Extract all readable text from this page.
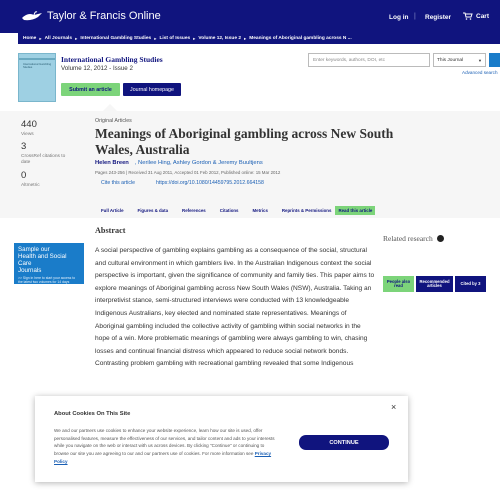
Taylor & Francis Online	Log in | Register	Cart
Home ▸ All Journals ▸ International Gambling Studies ▸ List of Issues ▸ Volume 12, Issue 2 ▸ Meanings of Aboriginal gambling across N ...
International Gambling Studies
International Gambling Studies
Volume 12, 2012 - Issue 2
Submit an article	Journal homepage
Enter keywords, authors, DOI, etc	This Journal	▼
Advanced search
440
Views
3
CrossRef citations to date
0
Altmetric
Original Articles
Meanings of Aboriginal gambling across New South Wales, Australia
Helen Breen , Nerilee Hing, Ashley Gordon & Jeremy Buultjens
Pages 243-256 | Received 31 Aug 2011, Accepted 01 Feb 2012, Published online: 15 Mar 2012
Cite this article	https://doi.org/10.1080/14459795.2012.664158
Full Article	Figures & data	References	Citations	Metrics	Reprints & Permissions	Read this article
Sample our
Health and Social Care
Journals
>> Sign in here to start your access to the latest two volumes for 14 days
Abstract
A social perspective of gambling explains gambling as a consequence of the social, structural and cultural environment in which gamblers live. In the Australian Indigenous context the social perspective is important, given the significance of community and family ties. This paper aims to explore meanings of Aboriginal gambling across New South Wales (NSW), Australia. Taking an interpretivist stance, semi-structured interviews were conducted with 13 knowledgeable Indigenous Australians, key elected and nominated state representatives. Meanings of Aboriginal gambling included the collective activity of gambling within social networks in the hope of a win. More problematic meanings of gambling were always gambling to win, chasing losses and continual financial distress which appeared to reduce social network bonds. Contrasting problem gambling with recreational gambling revealed that some Indigenous
Related research
People also read
Recommended articles	Cited by 3
About Cookies On This Site
×
We and our partners use cookies to enhance your website experience, learn how our site is used, offer personalised features, measure the effectiveness of our services, and tailor content and ads to your interests while you navigate on the web or interact with us across devices. By clicking "Continue" or continuing to browse our site you are agreeing to our and our partners use of cookies. For more information see Privacy Policy
CONTINUE
